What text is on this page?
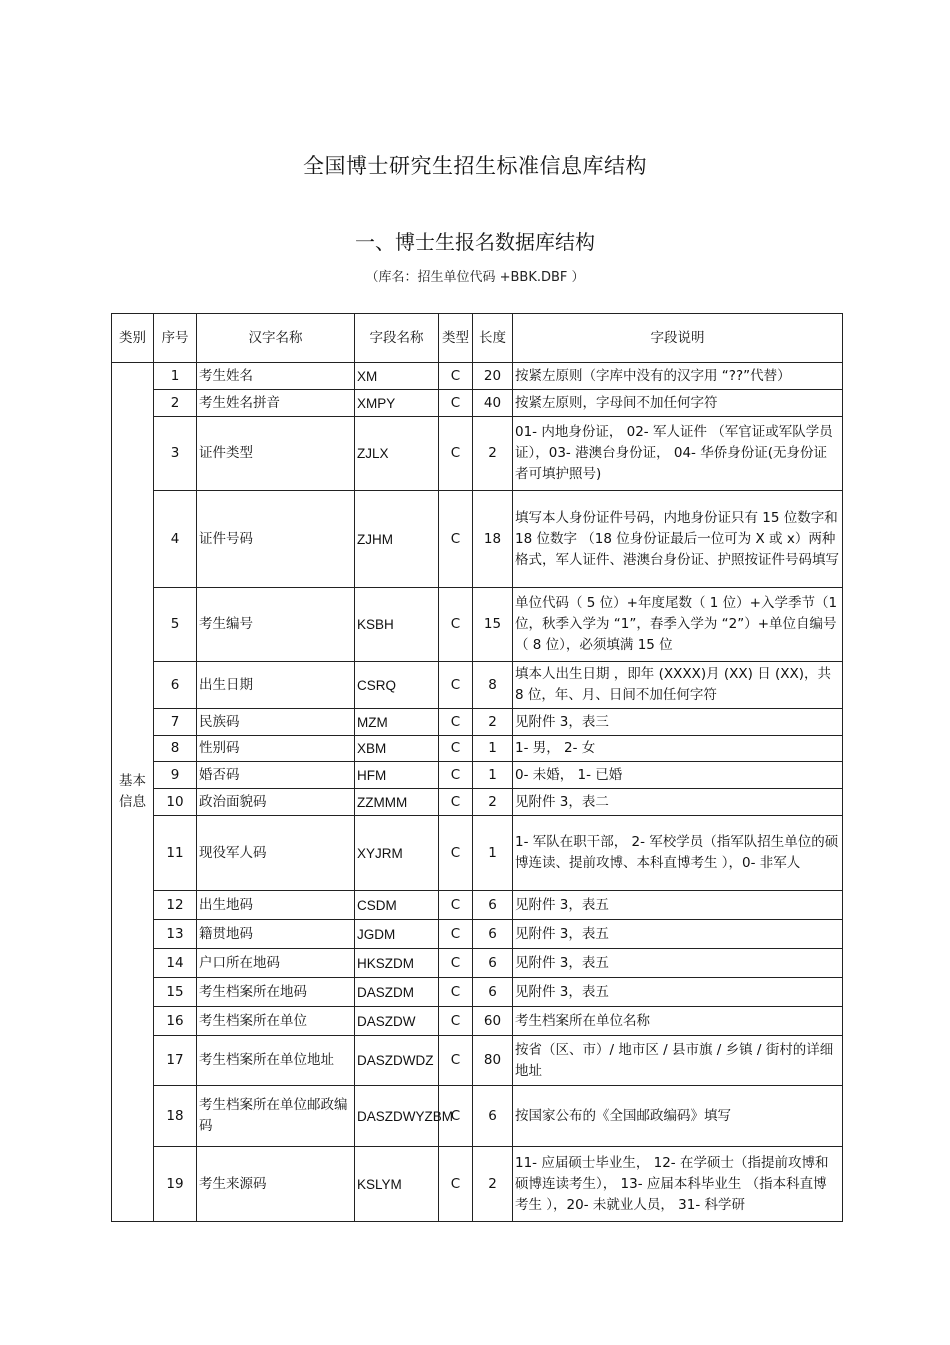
全国博士研究生招生标准信息库结构
一、博士生报名数据库结构
（库名：招生单位代码 +BBK.DBF ）
类别	序号	汉字名称	字段名称	类型	长度	字段说明
基本信息	1	考生姓名	XM	C	20	按紧左原则（字库中没有的汉字用 “??”代替）
	2	考生姓名拼音	XMPY	C	40	按紧左原则，字母间不加任何字符
	3	证件类型	ZJLX	C	2	01- 内地身份证， 02- 军人证件 （军官证或军队学员证），03- 港澳台身份证， 04- 华侨身份证(无身份证者可填护照号)
	4	证件号码	ZJHM	C	18	填写本人身份证件号码，内地身份证只有 15 位数字和 18 位数字 （18 位身份证最后一位可为 X 或 x）两种格式，军人证件、港澳台身份证、护照按证件号码填写
	5	考生编号	KSBH	C	15	单位代码（ 5 位）+年度尾数（ 1 位）+入学季节（1 位，秋季入学为 “1”，春季入学为 “2”）+单位自编号（ 8 位），必须填满 15 位
	6	出生日期	CSRQ	C	8	填本人出生日期 ，即年 (XXXX)月 (XX) 日 (XX)，共 8 位，年、月、日间不加任何字符
	7	民族码	MZM	C	2	见附件 3，表三
	8	性别码	XBM	C	1	1- 男， 2- 女
	9	婚否码	HFM	C	1	0- 未婚， 1- 已婚
	10	政治面貌码	ZZMMM	C	2	见附件 3，表二
	11	现役军人码	XYJRM	C	1	1- 军队在职干部， 2- 军校学员（指军队招生单位的硕博连读、提前攻博、本科直博考生 ），0- 非军人
	12	出生地码	CSDM	C	6	见附件 3，表五
	13	籍贯地码	JGDM	C	6	见附件 3，表五
	14	户口所在地码	HKSZDM	C	6	见附件 3，表五
	15	考生档案所在地码	DASZDM	C	6	见附件 3，表五
	16	考生档案所在单位	DASZDW	C	60	考生档案所在单位名称
	17	考生档案所在单位地址	DASZDWDZ	C	80	按省（区、市）/ 地市区 / 县市旗 / 乡镇 / 街村的详细地址
	18	考生档案所在单位邮政编码	DASZDWYZBM	C	6	按国家公布的《全国邮政编码》填写
	19	考生来源码	KSLYM	C	2	11- 应届硕士毕业生， 12- 在学硕士（指提前攻博和硕博连读考生）， 13- 应届本科毕业生 （指本科直博考生 ），20- 未就业人员， 31- 科学研
